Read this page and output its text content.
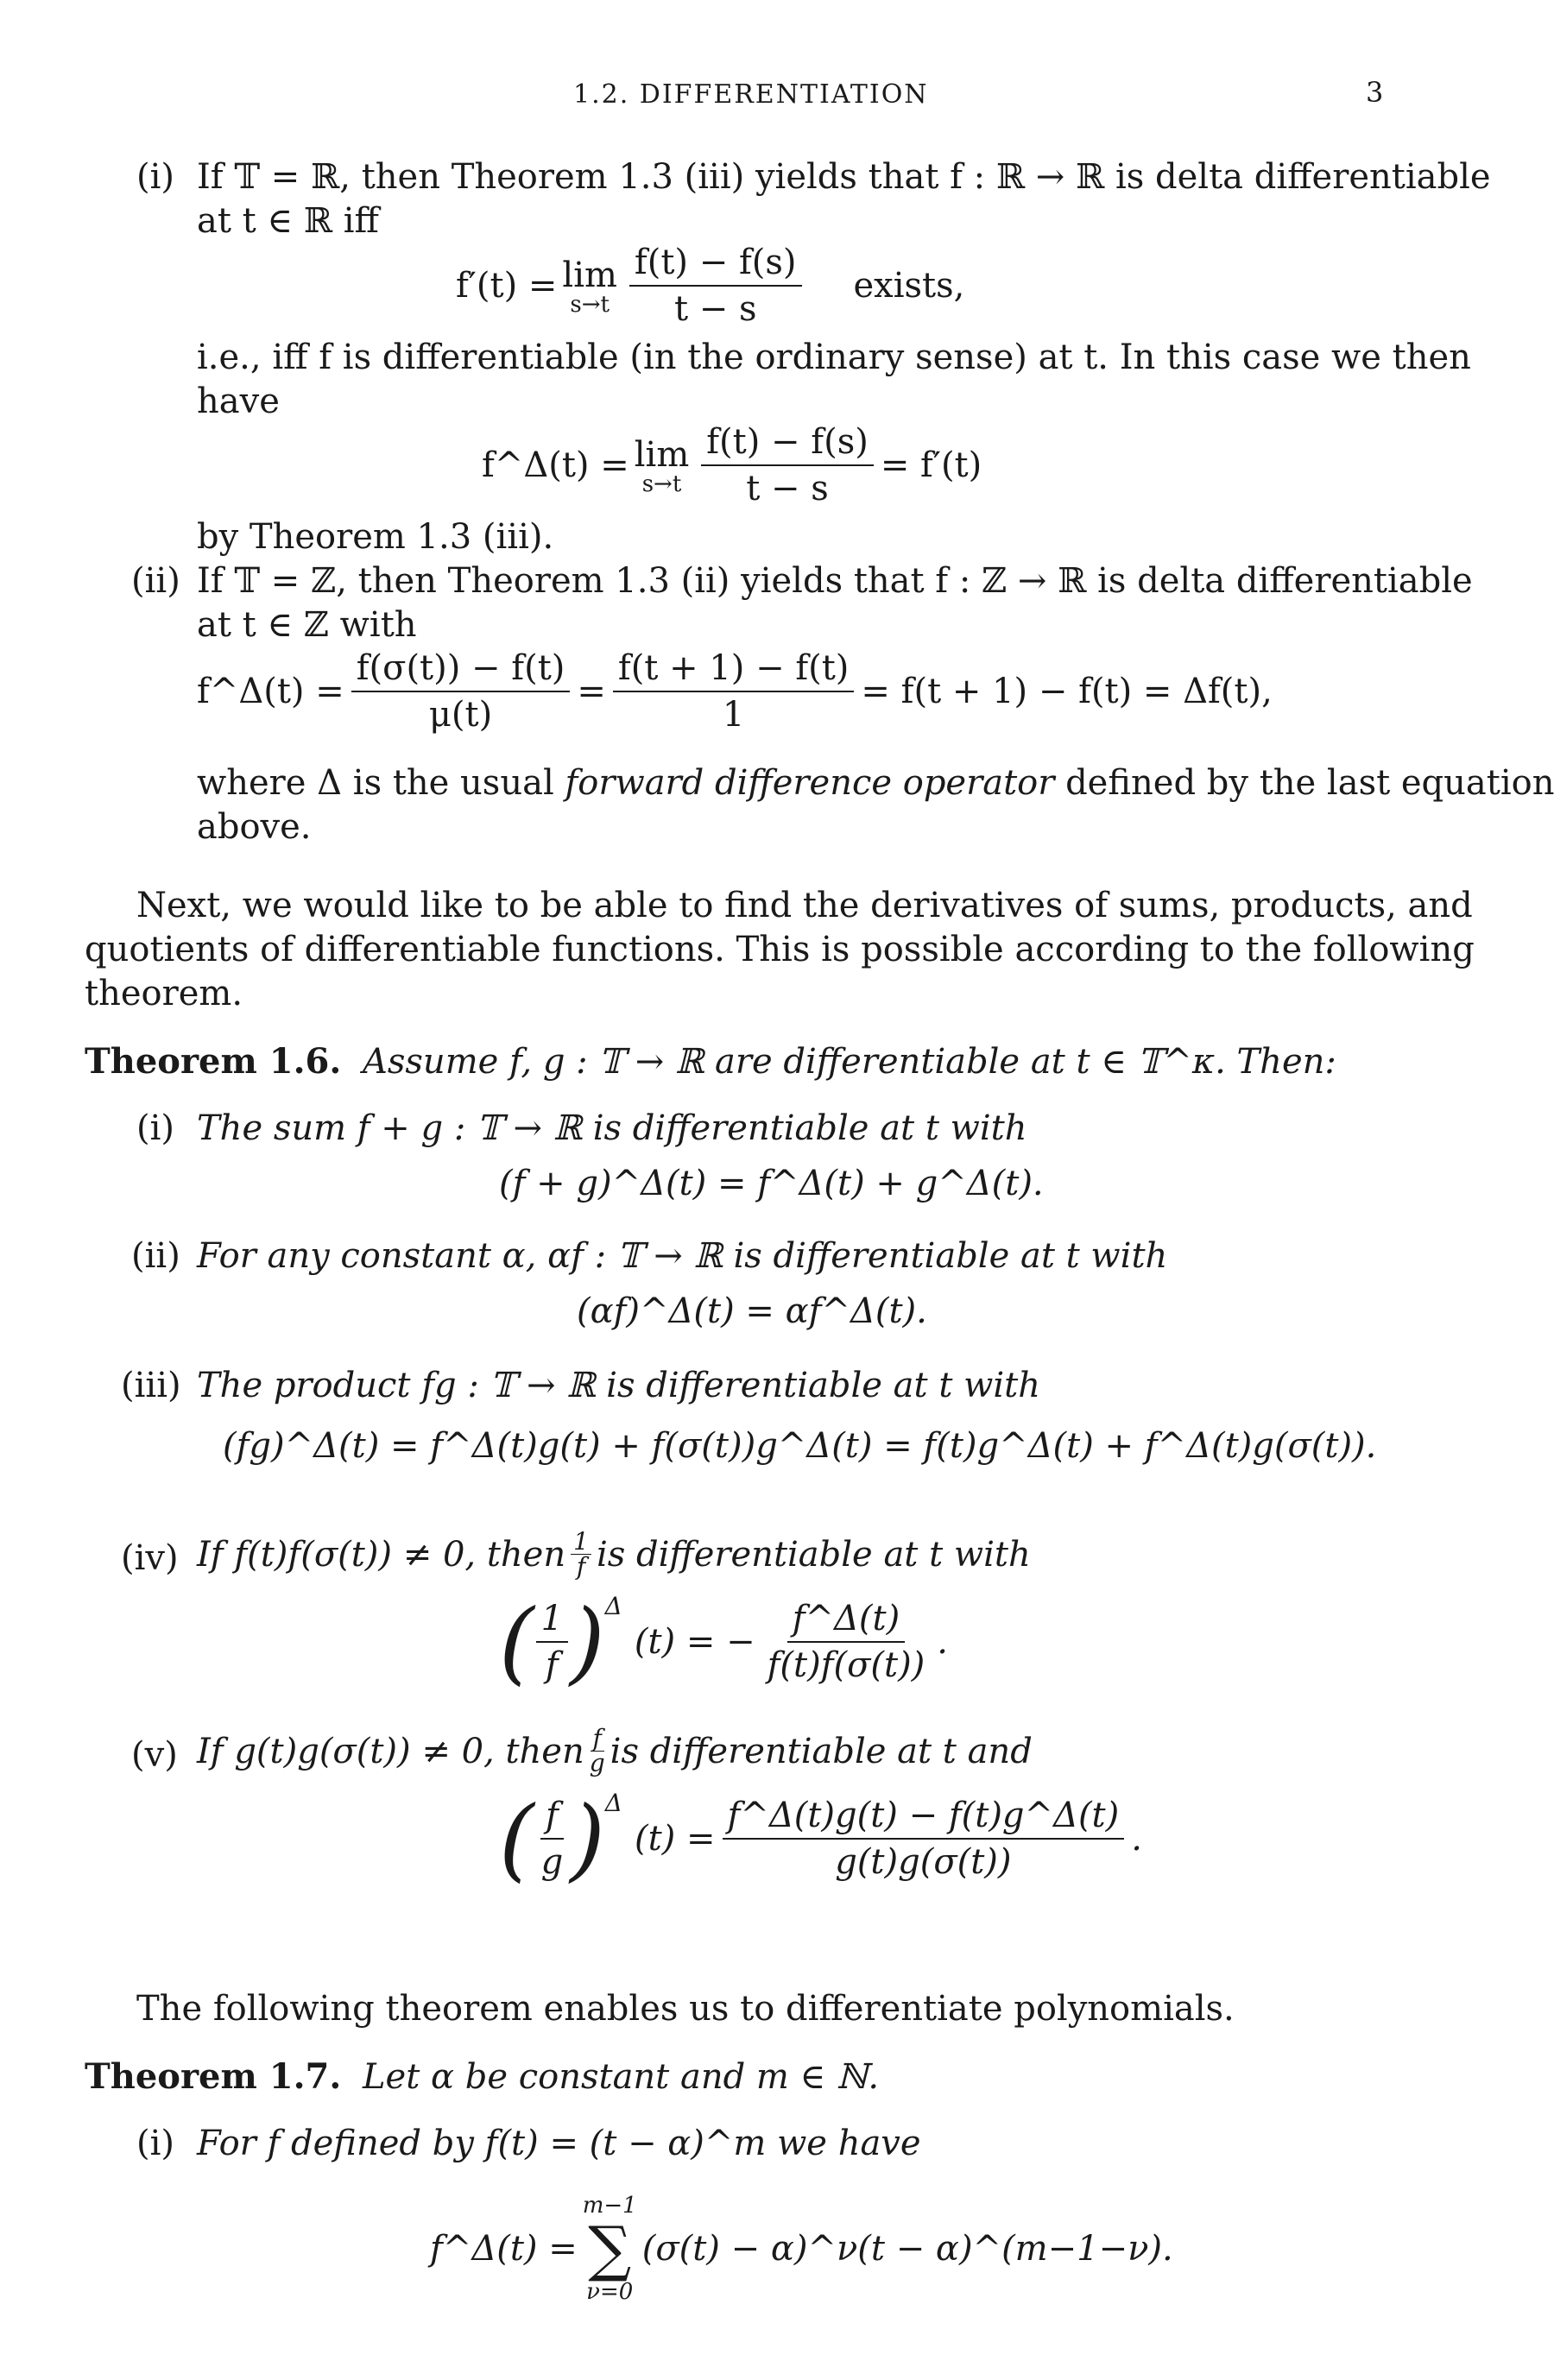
1.2. DIFFERENTIATION	3
(i) If 𝕋 = ℝ, then Theorem 1.3 (iii) yields that f : ℝ → ℝ is delta differentiable
at t ∈ ℝ iff
f′(t) = lim
$s\to t \frac{f(t) - f(s)}{t - s}$ exists,
i.e., iff f is differentiable (in the ordinary sense) at t. In this case we then
have
f^Δ(t) = lim
$s\to t \frac{f(t) - f(s)}{t - s} = f'(t)$
by Theorem 1.3 (iii).
(ii) If 𝕋 = ℤ, then Theorem 1.3 (ii) yields that f : ℤ → ℝ is delta differentiable
at t ∈ ℤ with
f^Δ(t) = $\frac{f(\sigma(t)) - f(t)}{\mu(t)} = \frac{f(t + 1) - f(t)}{1} = f(t + 1) - f(t) = \Delta f(t)$,
where Δ is the usual forward difference operator defined by the last equation
above.
Next, we would like to be able to find the derivatives of sums, products, and
quotients of differentiable functions. This is possible according to the following
theorem.
Theorem 1.6. Assume f, g : 𝕋 → ℝ are differentiable at t ∈ 𝕋^κ. Then:
(i) The sum f + g : 𝕋 → ℝ is differentiable at t with
(f + g)^Δ(t) = f^Δ(t) + g^Δ(t).
(ii) For any constant α, αf : 𝕋 → ℝ is differentiable at t with
(αf)^Δ(t) = αf^Δ(t).
(iii) The product fg : 𝕋 → ℝ is differentiable at t with
(fg)^Δ(t) = f^Δ(t)g(t) + f(σ(t))g^Δ(t) = f(t)g^Δ(t) + f^Δ(t)g(σ(t)).
(iv) If f(t)f(σ(t)) ≠ 0, then $\frac{1}{f}$ is differentiable at t with
( $\frac{1}{f}$ ) Δ
(t) = − $\frac{f\^{}\Delta(t)}{f(t)f(\sigma(t))}$ .
(v) If g(t)g(σ(t)) ≠ 0, then $\frac{f}{g}$ is differentiable at t and
( $\frac{f}{g}$ ) Δ
$(t) = \frac{f\^{}\Delta(t)g(t) - f(t)g\^{}\Delta(t)}{g(t)g(\sigma(t))}$ .
The following theorem enables us to differentiate polynomials.
Theorem 1.7. Let α be constant and m ∈ ℕ.
(i) For f defined by f(t) = (t − α)^m we have
f^Δ(t) =
m−1
∑
ν=0
(σ(t) − α)^ν(t − α)^(m−1−ν).
